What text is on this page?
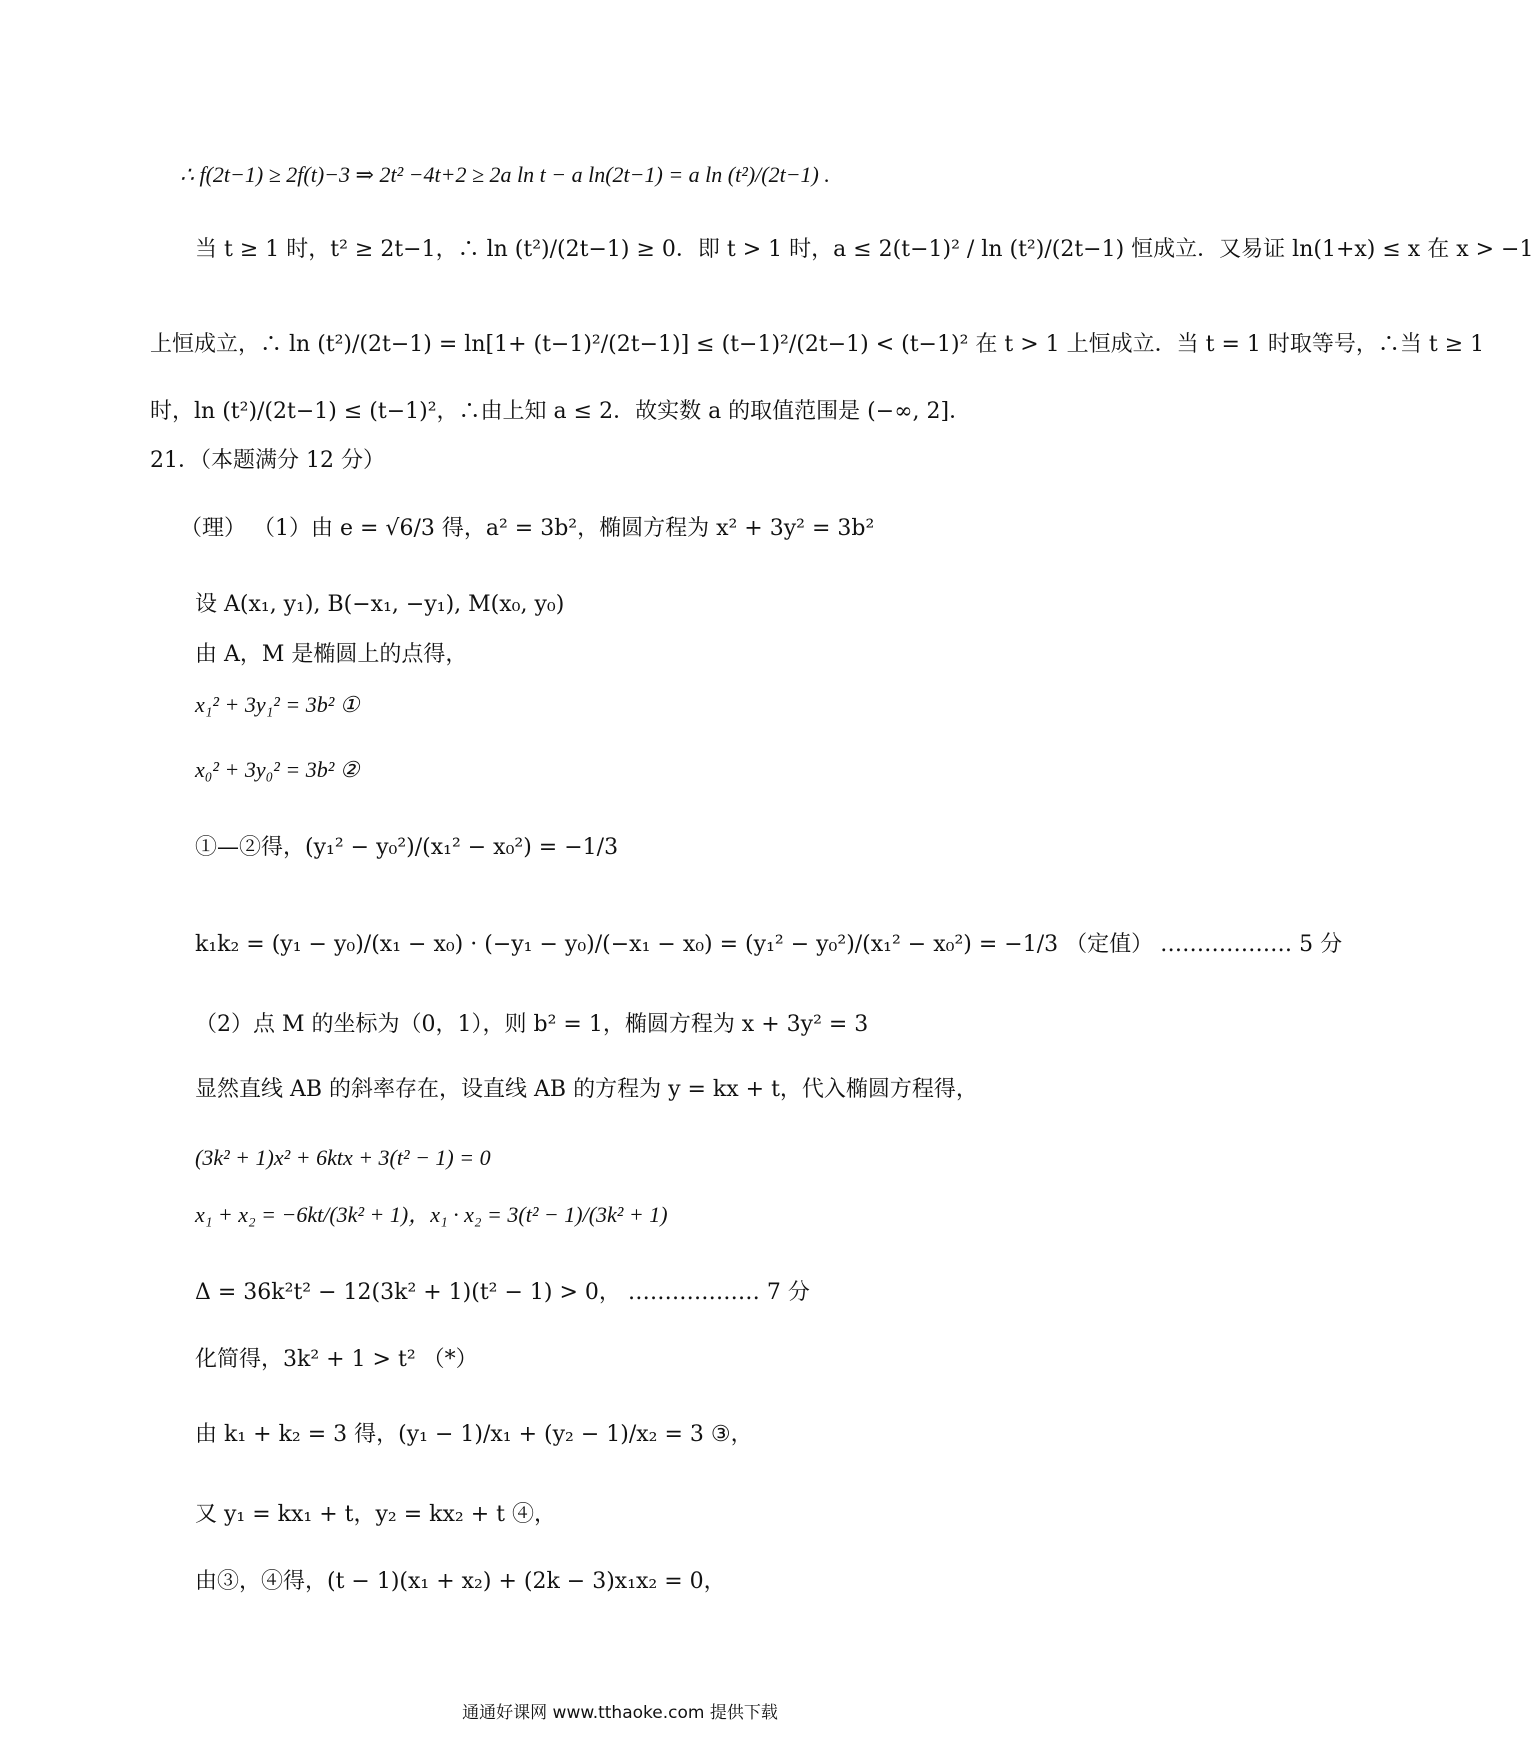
∴ f(2t−1) ≥ 2f(t)−3 ⇒ 2t² −4t+2 ≥ 2a ln t − a ln(2t−1) = a ln (t²)/(2t−1) .
当 t ≥ 1 时，t² ≥ 2t−1，∴ ln (t²)/(2t−1) ≥ 0．即 t > 1 时，a ≤ 2(t−1)² / ln (t²)/(2t−1) 恒成立．又易证 ln(1+x) ≤ x 在 x > −1
上恒成立，∴ ln (t²)/(2t−1) = ln[1+ (t−1)²/(2t−1)] ≤ (t−1)²/(2t−1) < (t−1)² 在 t > 1 上恒成立．当 t = 1 时取等号，∴当 t ≥ 1
时，ln (t²)/(2t−1) ≤ (t−1)²，∴由上知 a ≤ 2．故实数 a 的取值范围是 (−∞, 2]．
21．（本题满分 12 分）
（理） （1）由 e = √6/3 得，a² = 3b²，椭圆方程为 x² + 3y² = 3b²
设 A(x₁, y₁), B(−x₁, −y₁), M(x₀, y₀)
由 A，M 是椭圆上的点得，
x₁² + 3y₁² = 3b² ①
x₀² + 3y₀² = 3b² ②
①—②得，(y₁² − y₀²)/(x₁² − x₀²) = −1/3
k₁k₂ = (y₁ − y₀)/(x₁ − x₀) · (−y₁ − y₀)/(−x₁ − x₀) = (y₁² − y₀²)/(x₁² − x₀²) = −1/3 （定值） ……………… 5 分
（2）点 M 的坐标为（0，1），则 b² = 1，椭圆方程为 x + 3y² = 3
显然直线 AB 的斜率存在，设直线 AB 的方程为 y = kx + t，代入椭圆方程得，
(3k² + 1)x² + 6ktx + 3(t² − 1) = 0
x₁ + x₂ = −6kt/(3k² + 1)，x₁ · x₂ = 3(t² − 1)/(3k² + 1)
Δ = 36k²t² − 12(3k² + 1)(t² − 1) > 0， ……………… 7 分
化简得，3k² + 1 > t² （*）
由 k₁ + k₂ = 3 得，(y₁ − 1)/x₁ + (y₂ − 1)/x₂ = 3 ③，
又 y₁ = kx₁ + t，y₂ = kx₂ + t ④，
由③，④得，(t − 1)(x₁ + x₂) + (2k − 3)x₁x₂ = 0，
通通好课网 www.tthaoke.com 提供下载
